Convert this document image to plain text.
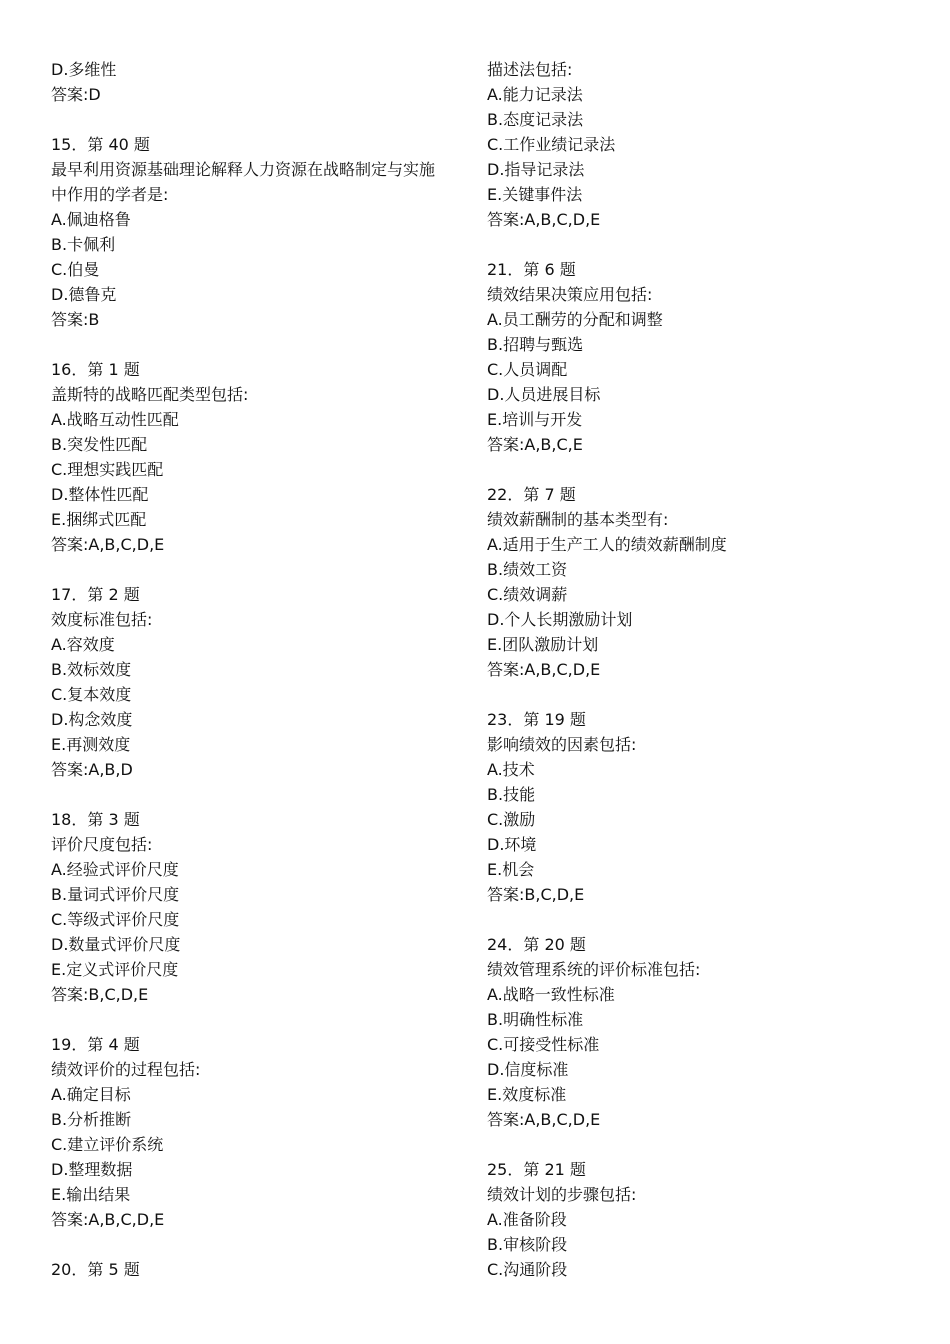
D.多维性
答案:D
15．第 40 题
最早利用资源基础理论解释人力资源在战略制定与实施
中作用的学者是:
A.佩迪格鲁
B.卡佩利
C.伯曼
D.德鲁克
答案:B
16．第 1 题
盖斯特的战略匹配类型包括:
A.战略互动性匹配
B.突发性匹配
C.理想实践匹配
D.整体性匹配
E.捆绑式匹配
答案:A,B,C,D,E
17．第 2 题
效度标准包括:
A.容效度
B.效标效度
C.复本效度
D.构念效度
E.再测效度
答案:A,B,D
18．第 3 题
评价尺度包括:
A.经验式评价尺度
B.量词式评价尺度
C.等级式评价尺度
D.数量式评价尺度
E.定义式评价尺度
答案:B,C,D,E
19．第 4 题
绩效评价的过程包括:
A.确定目标
B.分析推断
C.建立评价系统
D.整理数据
E.输出结果
答案:A,B,C,D,E
20．第 5 题
描述法包括:
A.能力记录法
B.态度记录法
C.工作业绩记录法
D.指导记录法
E.关键事件法
答案:A,B,C,D,E
21．第 6 题
绩效结果决策应用包括:
A.员工酬劳的分配和调整
B.招聘与甄选
C.人员调配
D.人员进展目标
E.培训与开发
答案:A,B,C,E
22．第 7 题
绩效薪酬制的基本类型有:
A.适用于生产工人的绩效薪酬制度
B.绩效工资
C.绩效调薪
D.个人长期激励计划
E.团队激励计划
答案:A,B,C,D,E
23．第 19 题
影响绩效的因素包括:
A.技术
B.技能
C.激励
D.环境
E.机会
答案:B,C,D,E
24．第 20 题
绩效管理系统的评价标准包括:
A.战略一致性标准
B.明确性标准
C.可接受性标准
D.信度标准
E.效度标准
答案:A,B,C,D,E
25．第 21 题
绩效计划的步骤包括:
A.准备阶段
B.审核阶段
C.沟通阶段
